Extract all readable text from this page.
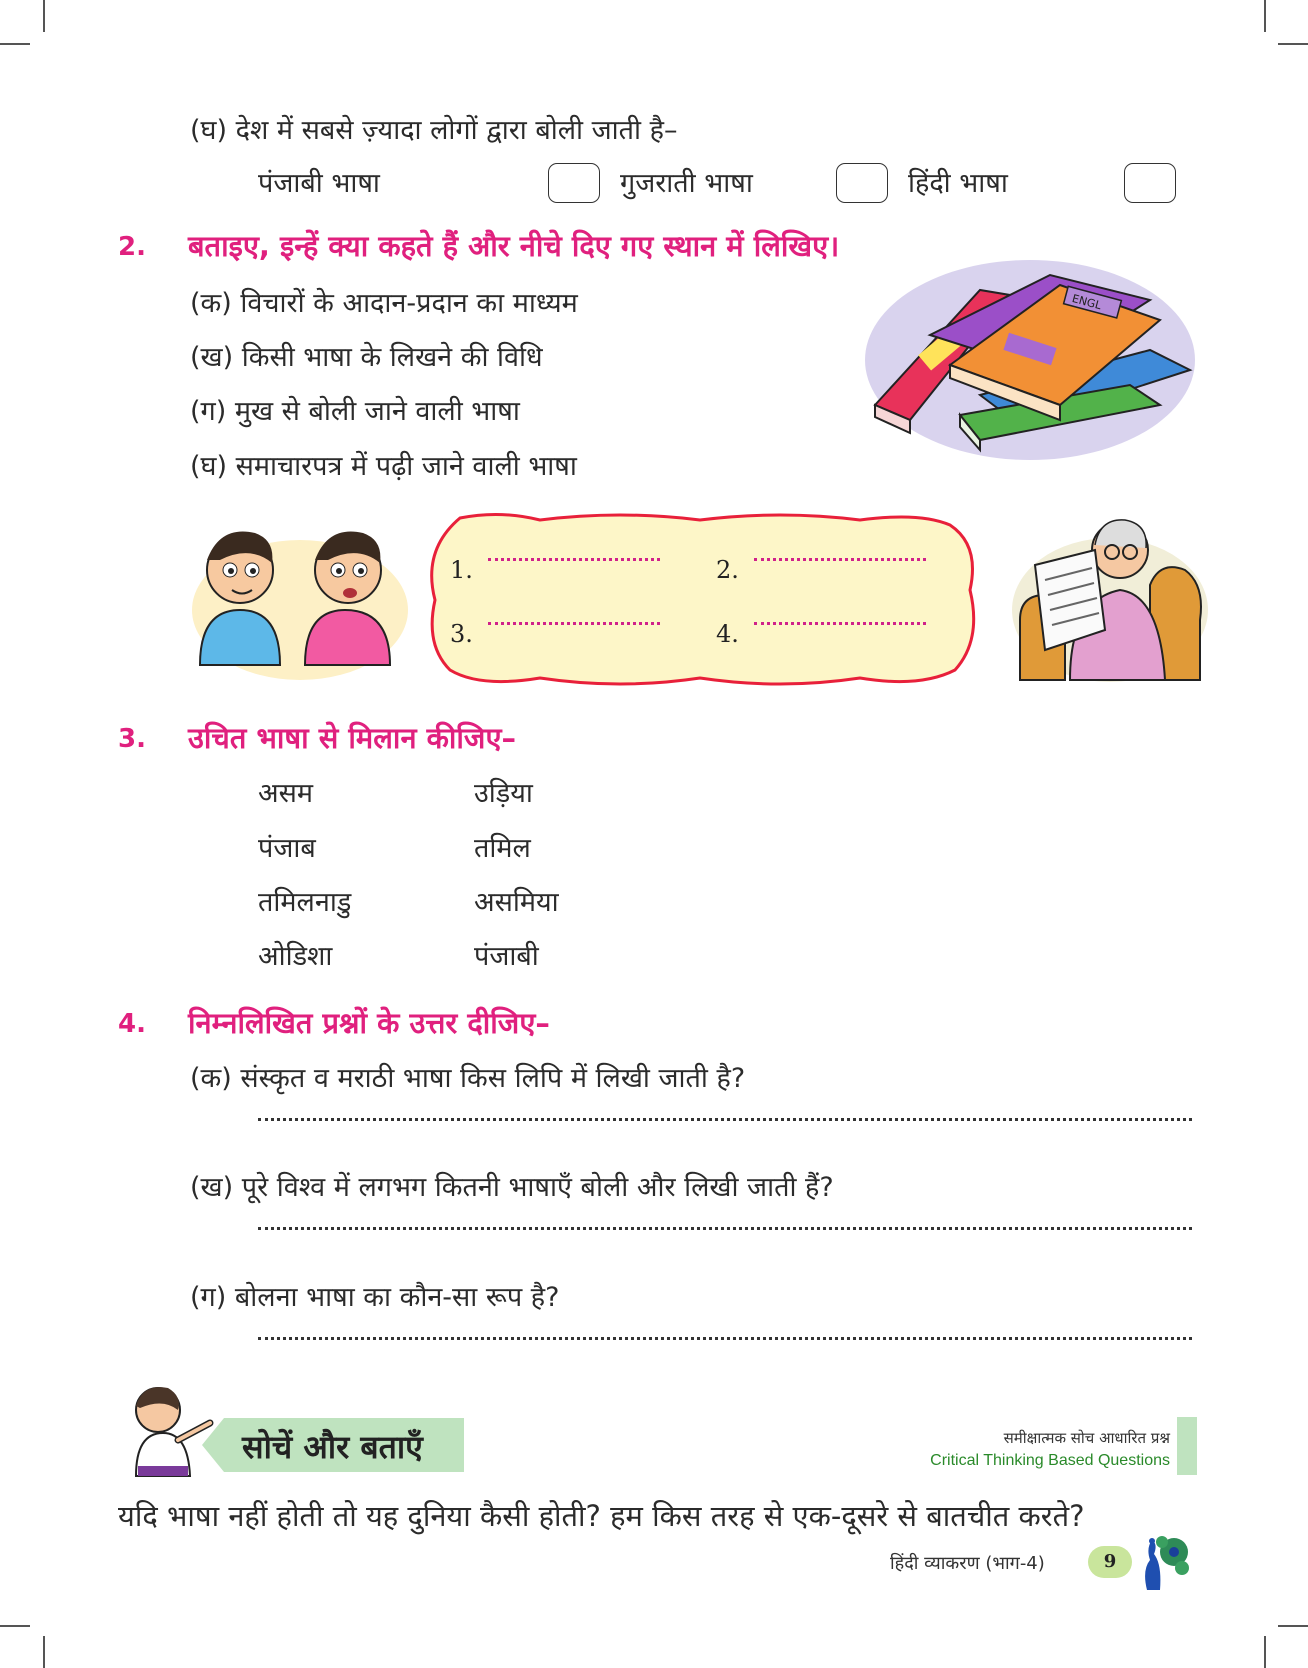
(घ) देश में सबसे ज़्यादा लोगों द्वारा बोली जाती है–
पंजाबी भाषा	गुजराती भाषा	हिंदी भाषा
2. बताइए, इन्हें क्या कहते हैं और नीचे दिए गए स्थान में लिखिए।
(क) विचारों के आदान-प्रदान का माध्यम
(ख) किसी भाषा के लिखने की विधि
(ग) मुख से बोली जाने वाली भाषा
(घ) समाचारपत्र में पढ़ी जाने वाली भाषा
ENGL
1.	2.
3.	4.
3. उचित भाषा से मिलान कीजिए–
असम	उड़िया
पंजाब	तमिल
तमिलनाडु	असमिया
ओडिशा	पंजाबी
4. निम्नलिखित प्रश्नों के उत्तर दीजिए–
(क) संस्कृत व मराठी भाषा किस लिपि में लिखी जाती है?
(ख) पूरे विश्व में लगभग कितनी भाषाएँ बोली और लिखी जाती हैं?
(ग) बोलना भाषा का कौन-सा रूप है?
सोचें और बताएँ	समीक्षात्मक सोच आधारित प्रश्न
Critical Thinking Based Questions
यदि भाषा नहीं होती तो यह दुनिया कैसी होती? हम किस तरह से एक-दूसरे से बातचीत करते?
हिंदी व्याकरण (भाग-4)	9
